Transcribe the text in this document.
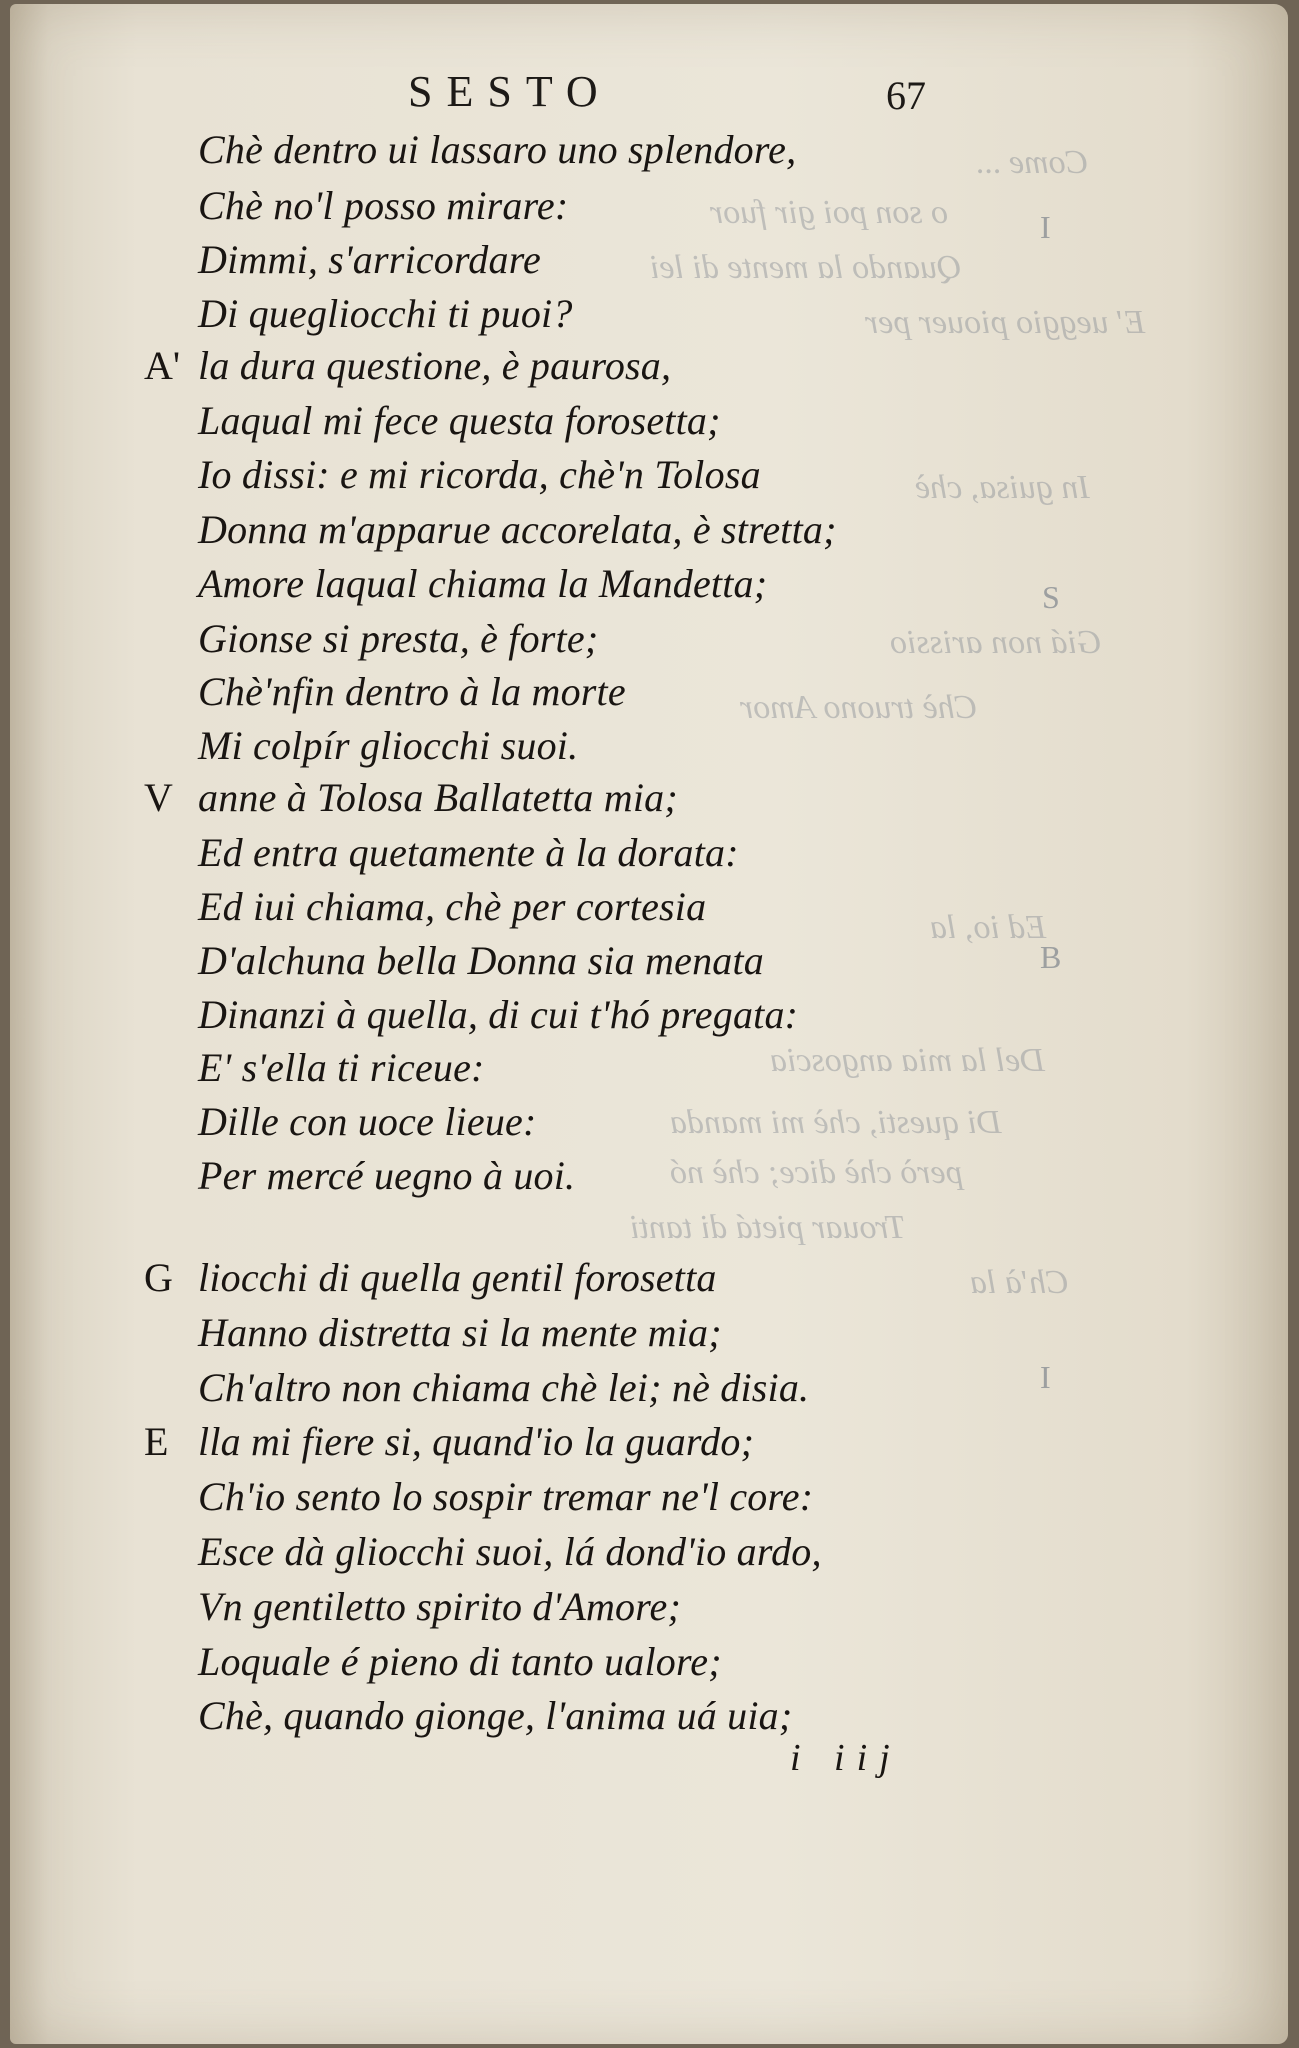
Come ...
o son poi gir fuor
Quando la mente di lei
E' ueggio piouer per
In guisa, chè
Giá non arissio
Chè truono Amor
Ed io, la
Del la mia angoscia
Di questi, chè mi manda
però chè dice; chè nó
Trouar pietá di tanti
Ch'à la
I
S
B
I
SESTO	67
Chè dentro ui lassaro uno splendore,
Chè no'l posso mirare:
Dimmi, s'arricordare
Di quegliocchi ti puoi?
A' la dura questione, è paurosa,
Laqual mi fece questa forosetta;
Io dissi: e mi ricorda, chè'n Tolosa
Donna m'apparue accorelata, è stretta;
Amore laqual chiama la Mandetta;
Gionse si presta, è forte;
Chè'nfin dentro à la morte
Mi colpír gliocchi suoi.
V anne à Tolosa Ballatetta mia;
Ed entra quetamente à la dorata:
Ed iui chiama, chè per cortesia
D'alchuna bella Donna sia menata
Dinanzi à quella, di cui t'hó pregata:
E' s'ella ti riceue:
Dille con uoce lieue:
Per mercé uegno à uoi.
G liocchi di quella gentil forosetta
Hanno distretta si la mente mia;
Ch'altro non chiama chè lei; nè disia.
E lla mi fiere si, quand'io la guardo;
Ch'io sento lo sospir tremar ne'l core:
Esce dà gliocchi suoi, lá dond'io ardo,
Vn gentiletto spirito d'Amore;
Loquale é pieno di tanto ualore;
Chè, quando gionge, l'anima uá uia;
i iij
